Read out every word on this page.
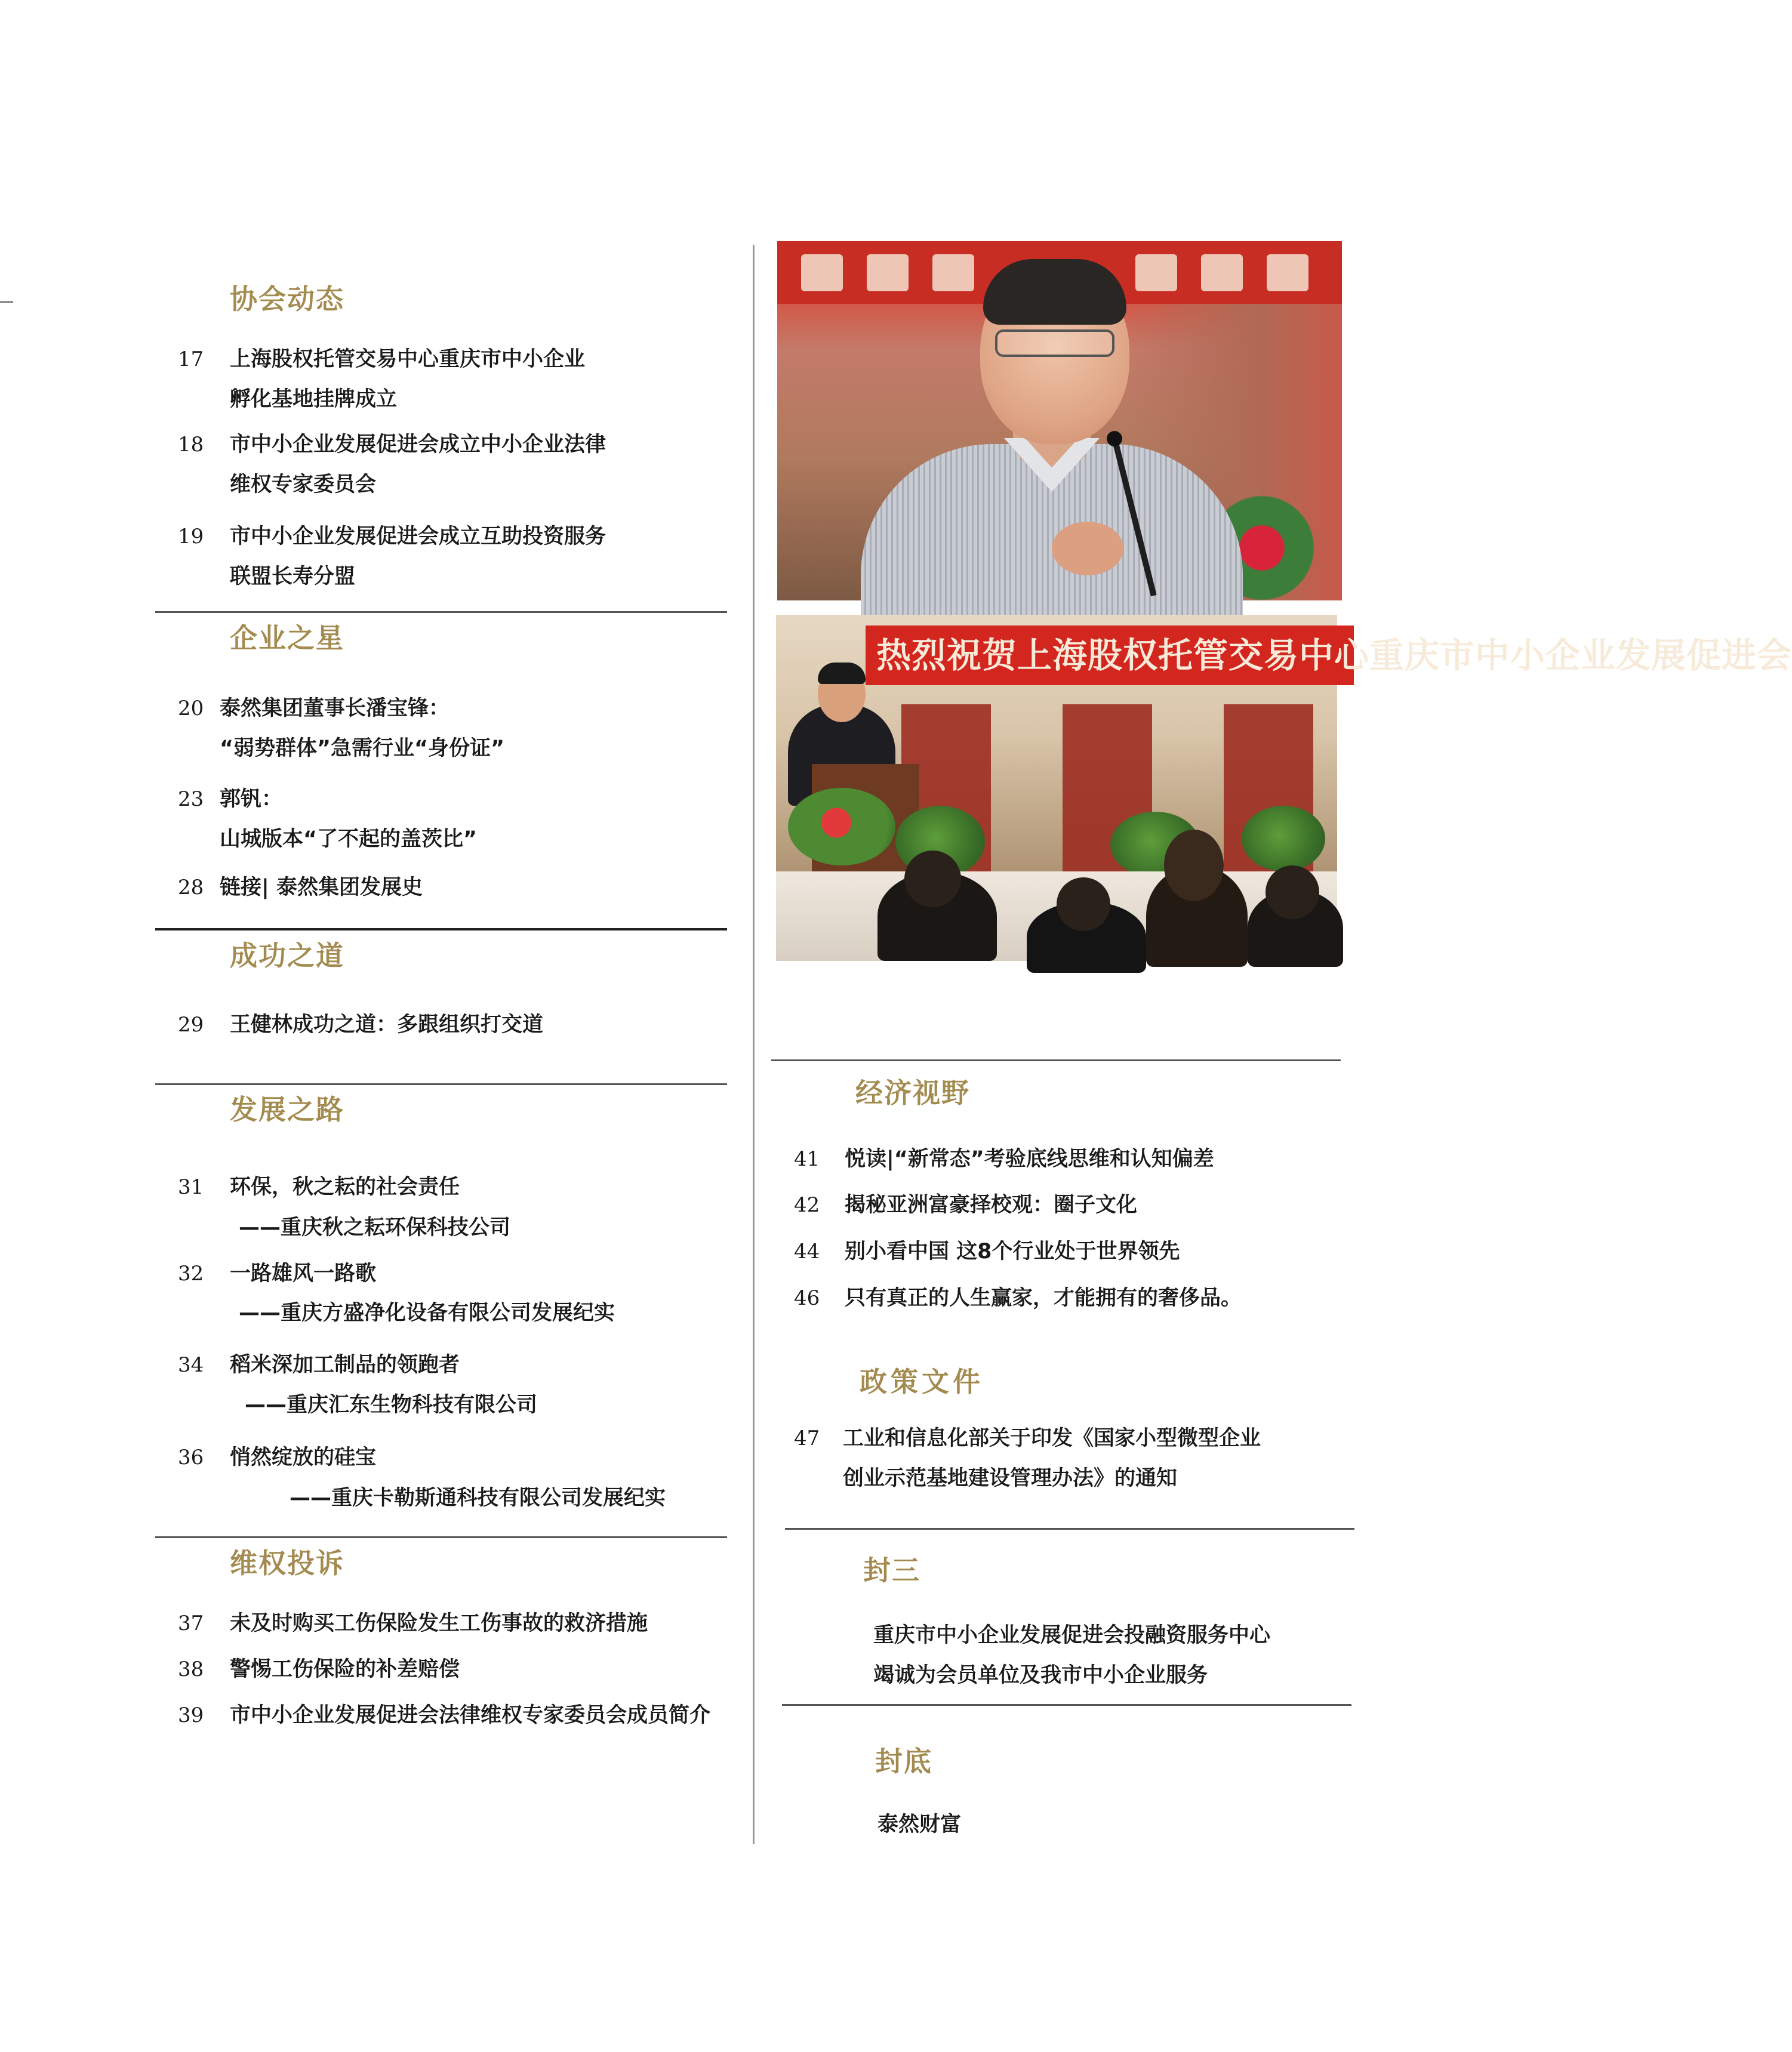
协会动态
17 上海股权托管交易中心重庆市中小企业
孵化基地挂牌成立
18 市中小企业发展促进会成立中小企业法律
维权专家委员会
19 市中小企业发展促进会成立互助投资服务
联盟长寿分盟
企业之星
20 泰然集团董事长潘宝锋：
“弱势群体”急需行业“身份证”
23 郭钒：
山城版本“了不起的盖茨比”
28 链接| 泰然集团发展史
成功之道
29 王健林成功之道：多跟组织打交道
发展之路
31 环保，秋之耘的社会责任
——重庆秋之耘环保科技公司
32 一路雄风一路歌
——重庆方盛净化设备有限公司发展纪实
34 稻米深加工制品的领跑者
——重庆汇东生物科技有限公司
36 悄然绽放的硅宝
——重庆卡勒斯通科技有限公司发展纪实
维权投诉
37 未及时购买工伤保险发生工伤事故的救济措施
38 警惕工伤保险的补差赔偿
39 市中小企业发展促进会法律维权专家委员会成员简介
热烈祝贺上海股权托管交易中心重庆市中小企业发展促进会
经济视野
41 悦读|“新常态”考验底线思维和认知偏差
42 揭秘亚洲富豪择校观：圈子文化
44 别小看中国 这8个行业处于世界领先
46 只有真正的人生赢家，才能拥有的奢侈品。
政策文件
47 工业和信息化部关于印发《国家小型微型企业
创业示范基地建设管理办法》的通知
封三
重庆市中小企业发展促进会投融资服务中心
竭诚为会员单位及我市中小企业服务
封底
泰然财富
